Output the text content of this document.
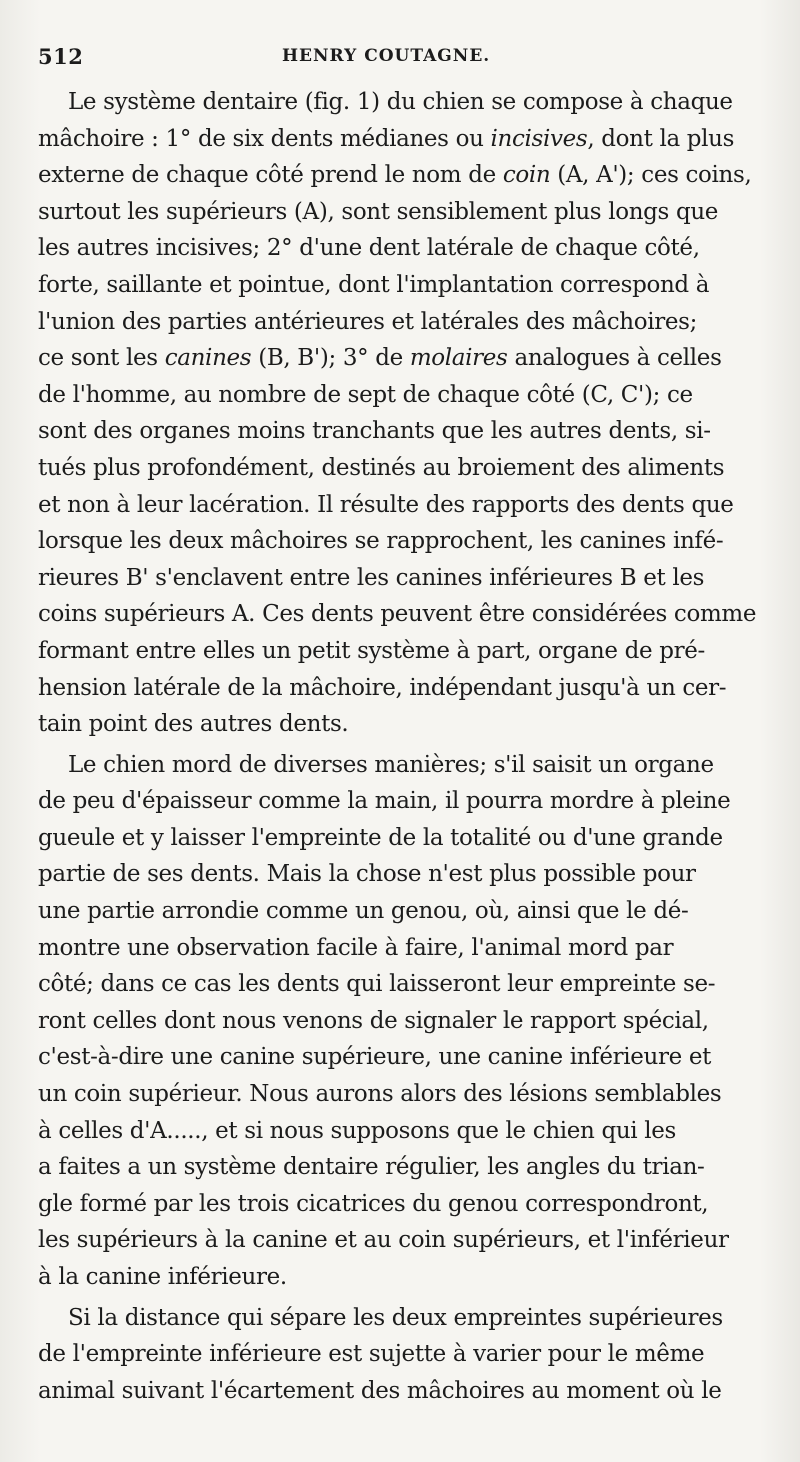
512	HENRY COUTAGNE.
Le système dentaire (fig. 1) du chien se compose à chaque
mâchoire : 1° de six dents médianes ou incisives, dont la plus
externe de chaque côté prend le nom de coin (A, A'); ces coins,
surtout les supérieurs (A), sont sensiblement plus longs que
les autres incisives; 2° d'une dent latérale de chaque côté,
forte, saillante et pointue, dont l'implantation correspond à
l'union des parties antérieures et latérales des mâchoires;
ce sont les canines (B, B'); 3° de molaires analogues à celles
de l'homme, au nombre de sept de chaque côté (C, C'); ce
sont des organes moins tranchants que les autres dents, si-
tués plus profondément, destinés au broiement des aliments
et non à leur lacération. Il résulte des rapports des dents que
lorsque les deux mâchoires se rapprochent, les canines infé-
rieures B' s'enclavent entre les canines inférieures B et les
coins supérieurs A. Ces dents peuvent être considérées comme
formant entre elles un petit système à part, organe de pré-
hension latérale de la mâchoire, indépendant jusqu'à un cer-
tain point des autres dents.
Le chien mord de diverses manières; s'il saisit un organe
de peu d'épaisseur comme la main, il pourra mordre à pleine
gueule et y laisser l'empreinte de la totalité ou d'une grande
partie de ses dents. Mais la chose n'est plus possible pour
une partie arrondie comme un genou, où, ainsi que le dé-
montre une observation facile à faire, l'animal mord par
côté; dans ce cas les dents qui laisseront leur empreinte se-
ront celles dont nous venons de signaler le rapport spécial,
c'est-à-dire une canine supérieure, une canine inférieure et
un coin supérieur. Nous aurons alors des lésions semblables
à celles d'A....., et si nous supposons que le chien qui les
a faites a un système dentaire régulier, les angles du trian-
gle formé par les trois cicatrices du genou correspondront,
les supérieurs à la canine et au coin supérieurs, et l'inférieur
à la canine inférieure.
Si la distance qui sépare les deux empreintes supérieures
de l'empreinte inférieure est sujette à varier pour le même
animal suivant l'écartement des mâchoires au moment où le
